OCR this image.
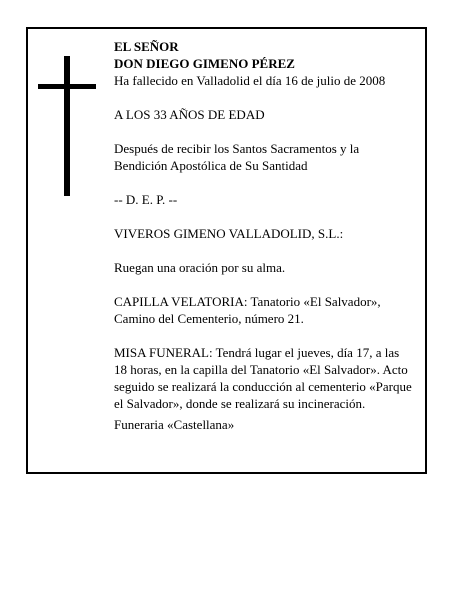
EL SEÑOR

DON DIEGO GIMENO PÉREZ

Ha fallecido en Valladolid el día 16 de julio de 2008

A LOS 33 AÑOS DE EDAD

Después de recibir los Santos Sacramentos y la Bendición Apostólica de Su Santidad

-- D. E. P. --

VIVEROS GIMENO VALLADOLID, S.L.:

Ruegan una oración por su alma.

CAPILLA VELATORIA: Tanatorio «El Salvador», Camino del Cementerio, número 21.

MISA FUNERAL: Tendrá lugar el jueves, día 17, a las 18 horas, en la capilla del Tanatorio «El Salvador». Acto seguido se realizará la conducción al cementerio «Parque el Salvador», donde se realizará su incineración.

Funeraria «Castellana»
